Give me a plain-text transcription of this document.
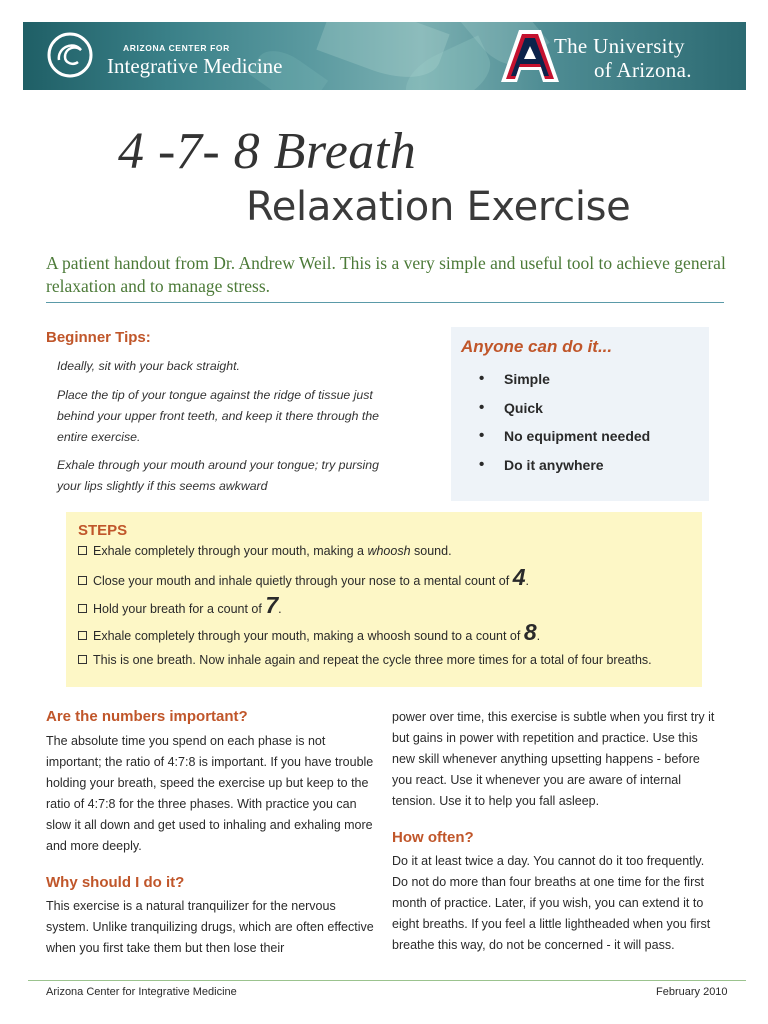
ARIZONA CENTER FOR
Integrative Medicine
The University
of Arizona.
4 -7- 8 Breath
Relaxation Exercise
A patient handout from Dr. Andrew Weil. This is a very simple and useful tool to achieve general relaxation and to manage stress.
Beginner Tips:
Ideally, sit with your back straight.
Place the tip of your tongue against the ridge of tissue just behind your upper front teeth, and keep it there through the entire exercise.
Exhale through your mouth around your tongue; try pursing your lips slightly if this seems awkward
Anyone can do it...
• Simple
• Quick
• No equipment needed
• Do it anywhere
STEPS
Exhale completely through your mouth, making a whoosh sound.
Close your mouth and inhale quietly through your nose to a mental count of 4.
Hold your breath for a count of 7.
Exhale completely through your mouth, making a whoosh sound to a count of 8.
This is one breath. Now inhale again and repeat the cycle three more times for a total of four breaths.
Are the numbers important?
The absolute time you spend on each phase is not important; the ratio of 4:7:8 is important. If you have trouble holding your breath, speed the exercise up but keep to the ratio of 4:7:8 for the three phases. With practice you can slow it all down and get used to inhaling and exhaling more and more deeply.
Why should I do it?
This exercise is a natural tranquilizer for the nervous system. Unlike tranquilizing drugs, which are often effective when you first take them but then lose their
power over time, this exercise is subtle when you first try it but gains in power with repetition and practice. Use this new skill whenever anything upsetting happens - before you react. Use it whenever you are aware of internal tension. Use it to help you fall asleep.
How often?
Do it at least twice a day. You cannot do it too frequently. Do not do more than four breaths at one time for the first month of practice. Later, if you wish, you can extend it to eight breaths. If you feel a little lightheaded when you first breathe this way, do not be concerned - it will pass.
Arizona Center for Integrative Medicine	February 2010
